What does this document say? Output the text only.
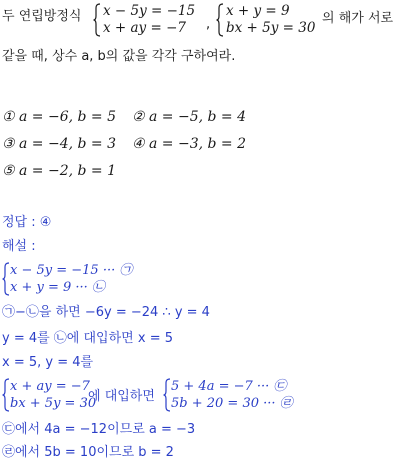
두 연립방정식 x − 5y = −15
x + ay = −7 ,
x + y = 9
bx + 5y = 30
의 해가 서로
같을 때, 상수 a, b의 값을 각각 구하여라.
① a = −6, b = 5 ② a = −5, b = 4
③ a = −4, b = 3 ④ a = −3, b = 2
⑤ a = −2, b = 1
정답 : ④
해설 :
x − 5y = −15 ··· ㉠
x + y = 9 ··· ㉡
㉠−㉡을 하면 −6y = −24 ∴ y = 4
y = 4를 ㉡에 대입하면 x = 5
x = 5, y = 4를
x + ay = −7
bx + 5y = 30
에 대입하면
5 + 4a = −7 ··· ㉢
5b + 20 = 30 ··· ㉣
㉢에서 4a = −12이므로 a = −3
㉣에서 5b = 10이므로 b = 2
